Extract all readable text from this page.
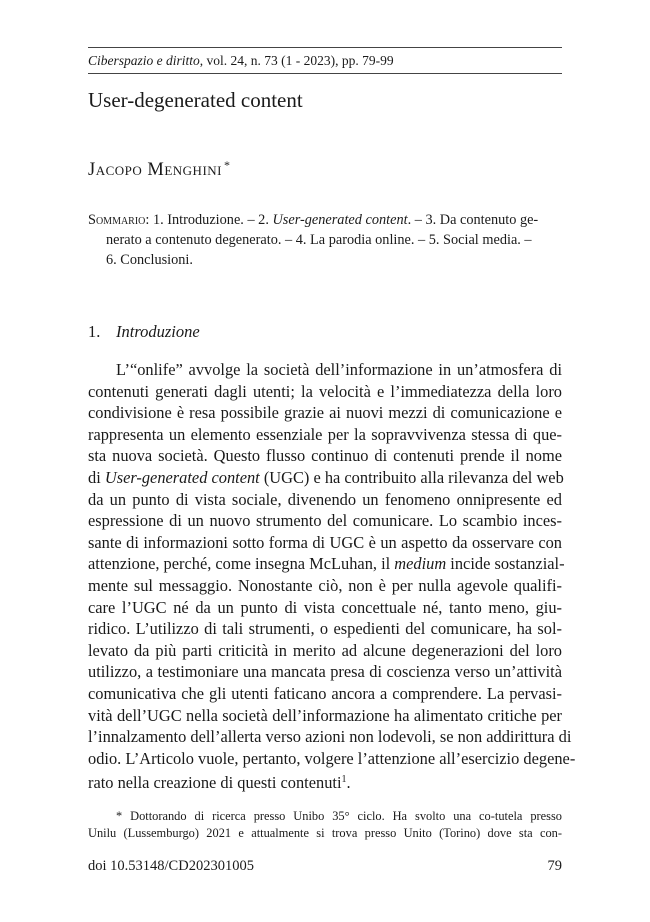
Ciberspazio e diritto, vol. 24, n. 73 (1 - 2023), pp. 79-99
User-degenerated content
Jacopo Menghini *
Sommario: 1. Introduzione. – 2. User-generated content. – 3. Da contenuto ge-
nerato a contenuto degenerato. – 4. La parodia online. – 5. Social media. –
6. Conclusioni.
1. Introduzione
L’“onlife” avvolge la società dell’informazione in un’atmosfera di
contenuti generati dagli utenti; la velocità e l’immediatezza della loro
condivisione è resa possibile grazie ai nuovi mezzi di comunicazione e
rappresenta un elemento essenziale per la sopravvivenza stessa di que-
sta nuova società. Questo flusso continuo di contenuti prende il nome
di User-generated content (UGC) e ha contribuito alla rilevanza del web
da un punto di vista sociale, divenendo un fenomeno onnipresente ed
espressione di un nuovo strumento del comunicare. Lo scambio inces-
sante di informazioni sotto forma di UGC è un aspetto da osservare con
attenzione, perché, come insegna McLuhan, il medium incide sostanzial-
mente sul messaggio. Nonostante ciò, non è per nulla agevole qualifi-
care l’UGC né da un punto di vista concettuale né, tanto meno, giu-
ridico. L’utilizzo di tali strumenti, o espedienti del comunicare, ha sol-
levato da più parti criticità in merito ad alcune degenerazioni del loro
utilizzo, a testimoniare una mancata presa di coscienza verso un’attività
comunicativa che gli utenti faticano ancora a comprendere. La pervasi-
vità dell’UGC nella società dell’informazione ha alimentato critiche per
l’innalzamento dell’allerta verso azioni non lodevoli, se non addirittura di
odio. L’Articolo vuole, pertanto, volgere l’attenzione all’esercizio degene-
rato nella creazione di questi contenuti$^1$.
* Dottorando di ricerca presso Unibo 35° ciclo. Ha svolto una co-tutela presso
Unilu (Lussemburgo) 2021 e attualmente si trova presso Unito (Torino) dove sta con-
doi 10.53148/CD202301005	79
